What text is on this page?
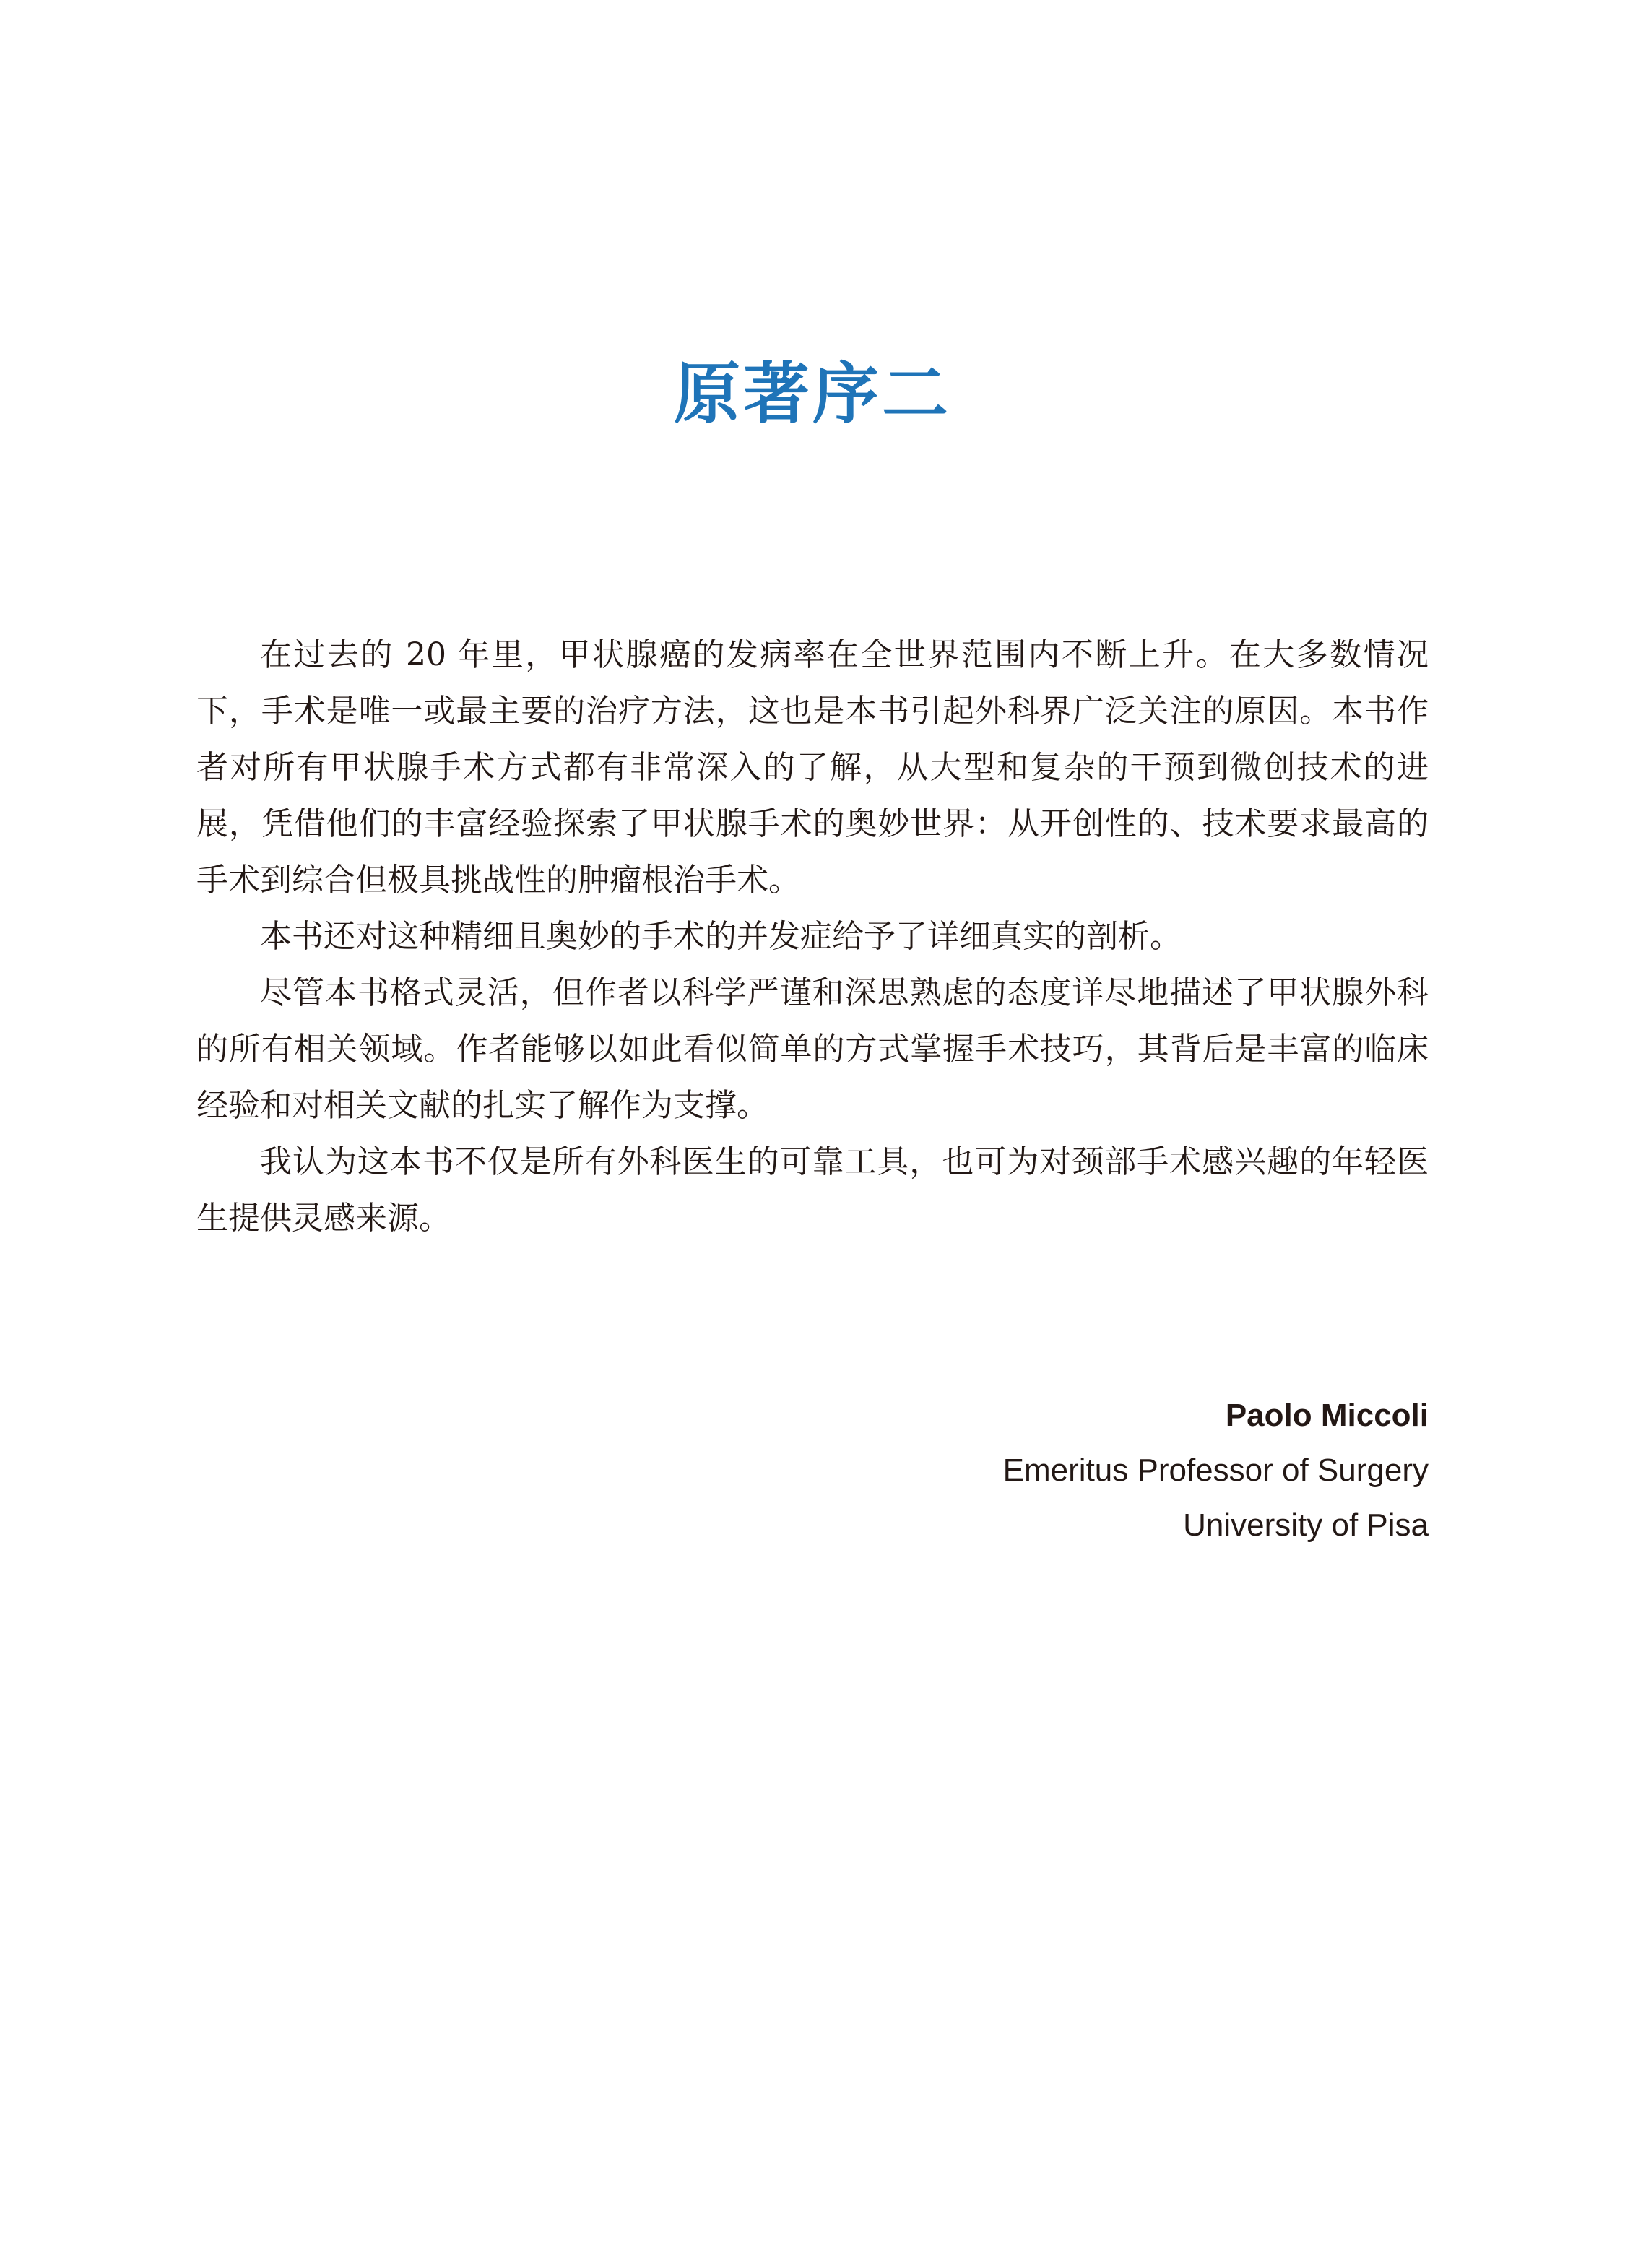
原著序二

在过去的 20 年里，甲状腺癌的发病率在全世界范围内不断上升。在大多数情况下，手术是唯一或最主要的治疗方法，这也是本书引起外科界广泛关注的原因。本书作者对所有甲状腺手术方式都有非常深入的了解，从大型和复杂的干预到微创技术的进展，凭借他们的丰富经验探索了甲状腺手术的奥妙世界：从开创性的、技术要求最高的手术到综合但极具挑战性的肿瘤根治手术。

本书还对这种精细且奥妙的手术的并发症给予了详细真实的剖析。

尽管本书格式灵活，但作者以科学严谨和深思熟虑的态度详尽地描述了甲状腺外科的所有相关领域。作者能够以如此看似简单的方式掌握手术技巧，其背后是丰富的临床经验和对相关文献的扎实了解作为支撑。

我认为这本书不仅是所有外科医生的可靠工具，也可为对颈部手术感兴趣的年轻医生提供灵感来源。

Paolo Miccoli
Emeritus Professor of Surgery
University of Pisa
